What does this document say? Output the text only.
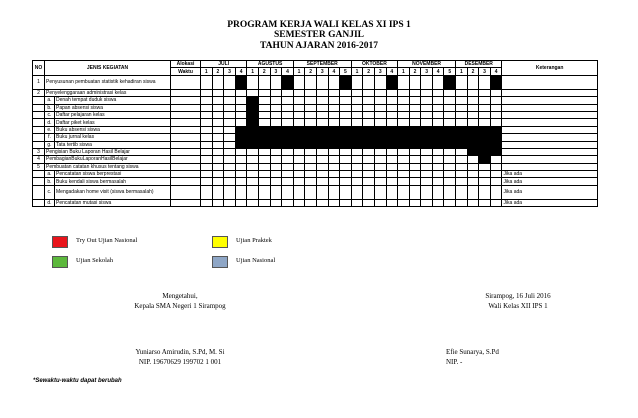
PROGRAM KERJA WALI KELAS XI IPS 1
SEMESTER GANJIL
TAHUN AJARAN 2016-2017
NO	JENIS KEGIATAN		Alokasi	JULI				AGUSTUS				SEPTEMBER					OKTOBER				NOVEMBER					DESEMBER				Keterangan
			Waktu	1	2	3	4	1	2	3	4	1	2	3	4	5	1	2	3	4	1	2	3	4	5	1	2	3	4	
1	Penyusunan pembuatan statistik kehadiran siswa																													
2	Penyelenggaraan administrasi kelas																													
	a.	Denah tempat duduk siswa																												
	b.	Papan absensi siswa																												
	c.	Daftar pelajaran kelas																												
	d.	Daftar piket kelas																												
	e.	Buku absensi siswa																												
	f.	Buku jurnal kelas																												
	g.	Tata tertib siswa																												
3	Pengisian Buku Laporan Hasil Belajar																													
4	PembagianBukuLaporanHasilBelajar																													
5	Pembuatan catatan khusus tentang siswa																													
	a.	Pencatatan siswa berprestasi																												Jika ada
	b.	Buku kendali siswa bermasalah																												Jika ada
	c.	Mengadakan home visit (siswa bermasalah)																												Jika ada
	d.	Pencatatan mutasi siswa																												Jika ada
Try Out Ujian Nasional	Ujian Praktek
Ujian Sekolah	Ujian Nasional
Mengetahui,
Kepala SMA Negeri 1 Sirampog
Yuniarso Amirudin, S.Pd, M. Si
NIP. 19670629 199702 1 001
Sirampog, 16 Juli 2016
Wali Kelas XII IPS 1
Efie Sunarya, S.Pd
NIP. -
*Sewaktu-waktu dapat berubah
